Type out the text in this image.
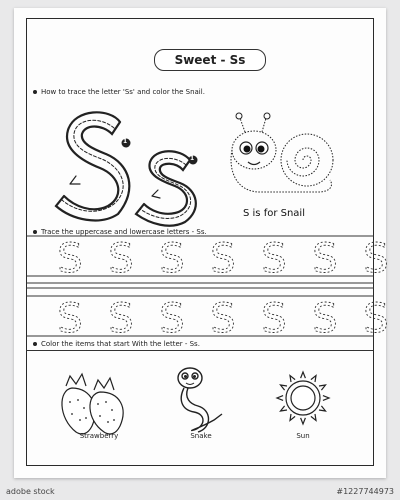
Sweet - Ss
How to trace the letter 'Ss' and color the Snail.
1
1
S is for Snail
Trace the uppercase and lowercase letters - Ss.
S S S S S S S
S S S S S S S
Color the items that start With the letter - Ss.
Strawberry	Snake	Sun
adobe stock	#1227744973
